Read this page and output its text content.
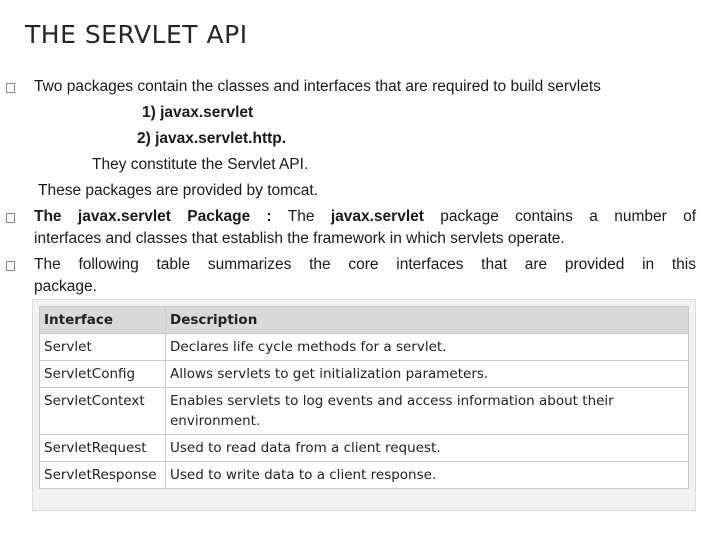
THE SERVLET API
Two packages contain the classes and interfaces that are required to build servlets
1) javax.servlet
2) javax.servlet.http.
They constitute the Servlet API.
These packages are provided by tomcat.
The javax.servlet Package : The javax.servlet package contains a number of
interfaces and classes that establish the framework in which servlets operate.
The following table summarizes the core interfaces that are provided in this
package.
Interface	Description
Servlet	Declares life cycle methods for a servlet.
ServletConfig	Allows servlets to get initialization parameters.
ServletContext	Enables servlets to log events and access information about their environment.
ServletRequest	Used to read data from a client request.
ServletResponse	Used to write data to a client response.
